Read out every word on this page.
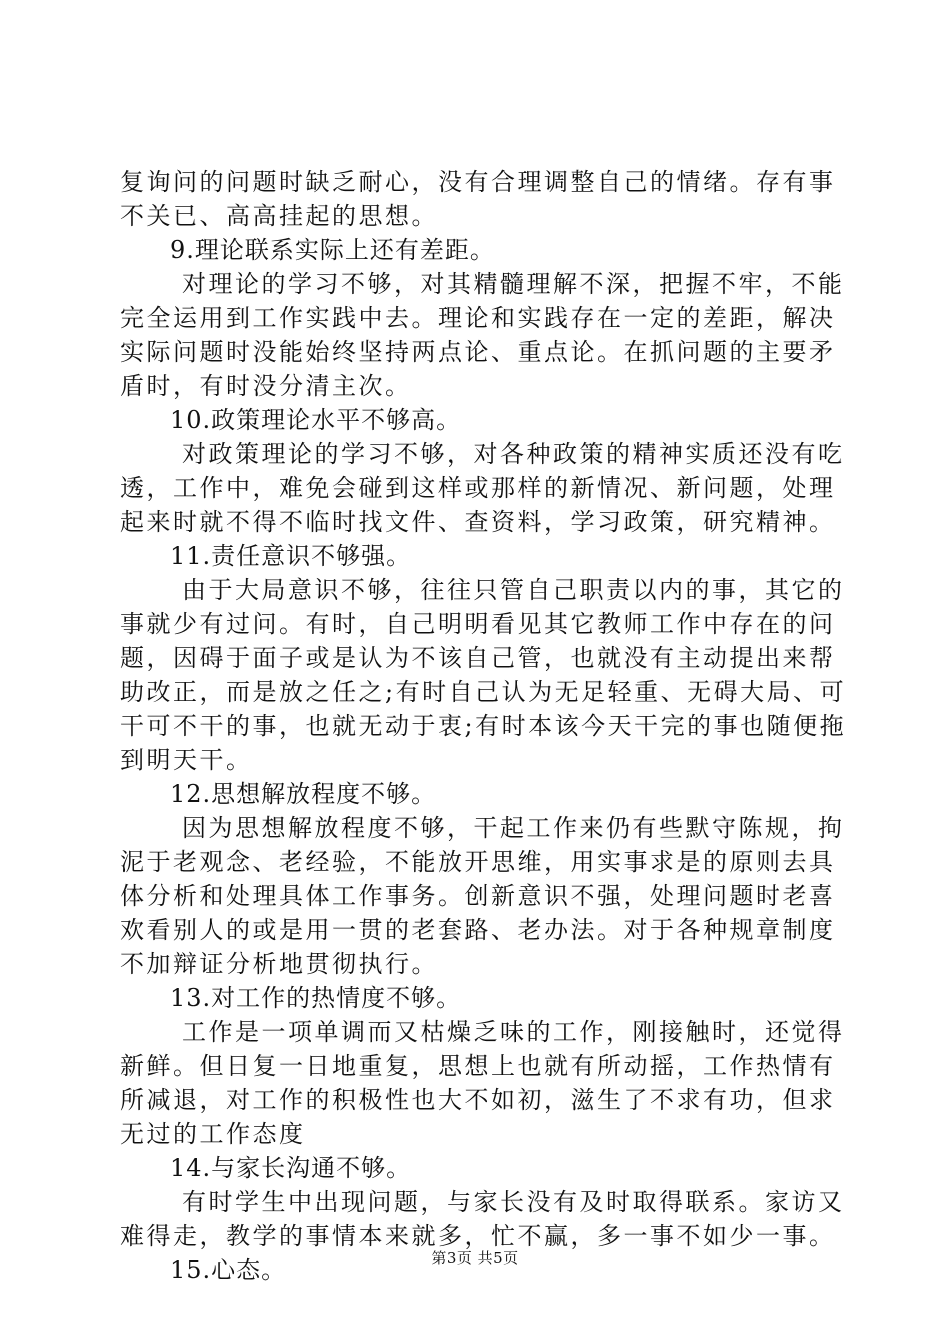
复询问的问题时缺乏耐心，没有合理调整自己的情绪。存有事
不关已、高高挂起的思想。
9.理论联系实际上还有差距。
对理论的学习不够，对其精髓理解不深，把握不牢，不能
完全运用到工作实践中去。理论和实践存在一定的差距，解决
实际问题时没能始终坚持两点论、重点论。在抓问题的主要矛
盾时，有时没分清主次。
10.政策理论水平不够高。
对政策理论的学习不够，对各种政策的精神实质还没有吃
透，工作中，难免会碰到这样或那样的新情况、新问题，处理
起来时就不得不临时找文件、查资料，学习政策，研究精神。
11.责任意识不够强。
由于大局意识不够，往往只管自己职责以内的事，其它的
事就少有过问。有时，自己明明看见其它教师工作中存在的问
题，因碍于面子或是认为不该自己管，也就没有主动提出来帮
助改正，而是放之任之;有时自己认为无足轻重、无碍大局、可
干可不干的事，也就无动于衷;有时本该今天干完的事也随便拖
到明天干。
12.思想解放程度不够。
因为思想解放程度不够，干起工作来仍有些默守陈规，拘
泥于老观念、老经验，不能放开思维，用实事求是的原则去具
体分析和处理具体工作事务。创新意识不强，处理问题时老喜
欢看别人的或是用一贯的老套路、老办法。对于各种规章制度
不加辩证分析地贯彻执行。
13.对工作的热情度不够。
工作是一项单调而又枯燥乏味的工作，刚接触时，还觉得
新鲜。但日复一日地重复，思想上也就有所动摇，工作热情有
所减退，对工作的积极性也大不如初，滋生了不求有功，但求
无过的工作态度
14.与家长沟通不够。
有时学生中出现问题，与家长没有及时取得联系。家访又
难得走，教学的事情本来就多，忙不赢，多一事不如少一事。
15.心态。	第3页 共5页
